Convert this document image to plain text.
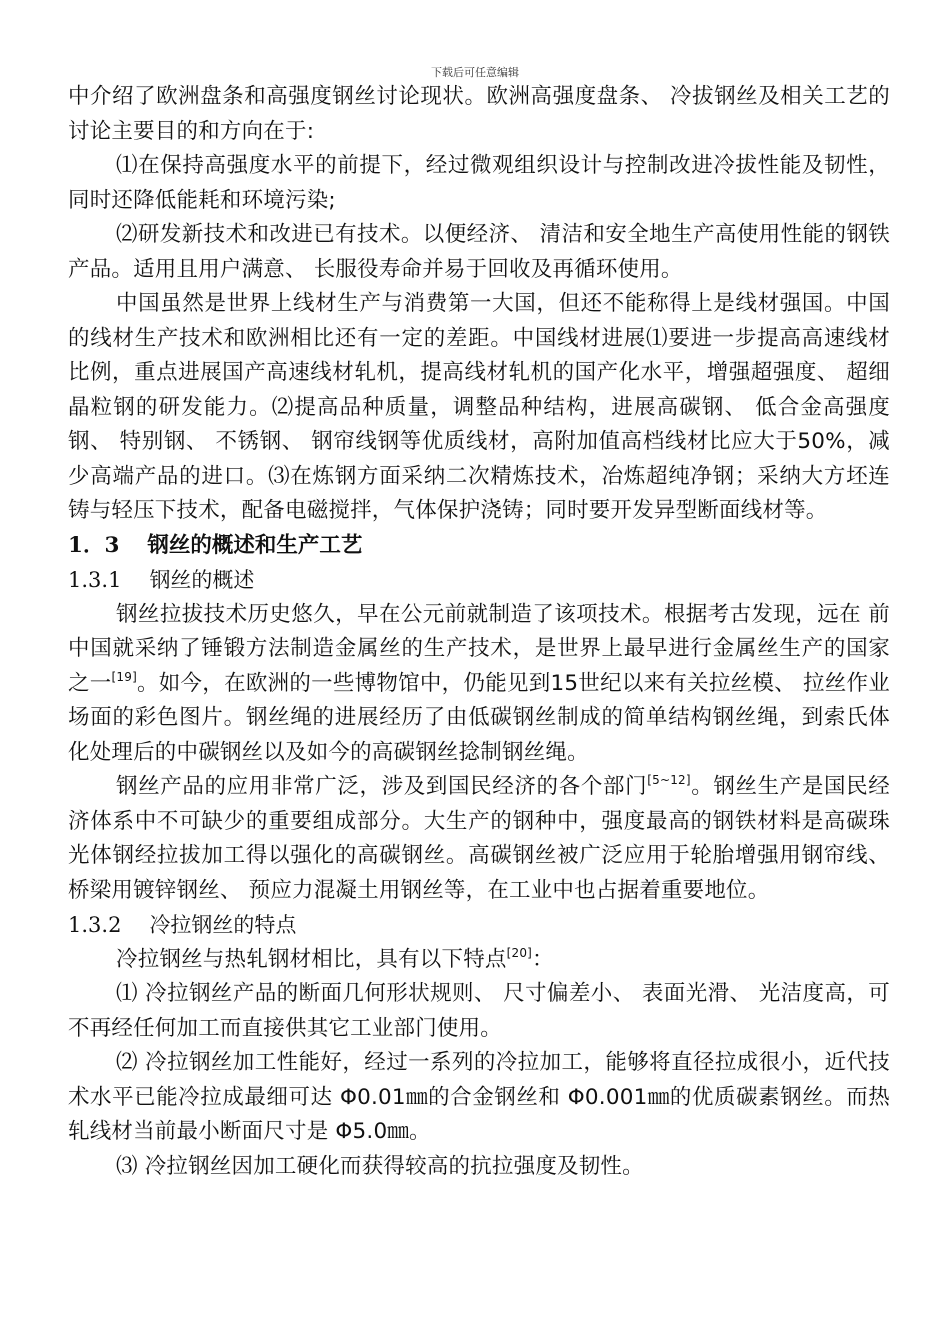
下载后可任意编辑

中介绍了欧洲盘条和高强度钢丝讨论现状。欧洲高强度盘条、 冷拔钢丝及相关工艺的讨论主要目的和方向在于:

⑴在保持高强度水平的前提下，经过微观组织设计与控制改进冷拔性能及韧性，同时还降低能耗和环境污染;

⑵研发新技术和改进已有技术。以便经济、 清洁和安全地生产高使用性能的钢铁产品。适用且用户满意、 长服役寿命并易于回收及再循环使用。

中国虽然是世界上线材生产与消费第一大国，但还不能称得上是线材强国。中国的线材生产技术和欧洲相比还有一定的差距。中国线材进展⑴要进一步提高高速线材比例，重点进展国产高速线材轧机，提高线材轧机的国产化水平，增强超强度、 超细晶粒钢的研发能力。⑵提高品种质量，调整品种结构，进展高碳钢、 低合金高强度钢、 特别钢、 不锈钢、 钢帘线钢等优质线材，高附加值高档线材比应大于50%，减少高端产品的进口。⑶在炼钢方面采纳二次精炼技术，冶炼超纯净钢；采纳大方坯连铸与轻压下技术，配备电磁搅拌，气体保护浇铸；同时要开发异型断面线材等。

1．3 钢丝的概述和生产工艺
1.3.1 钢丝的概述

钢丝拉拔技术历史悠久，早在公元前就制造了该项技术。根据考古发现，远在 前中国就采纳了锤锻方法制造金属丝的生产技术，是世界上最早进行金属丝生产的国家之一[19]。如今，在欧洲的一些博物馆中，仍能见到15世纪以来有关拉丝模、 拉丝作业场面的彩色图片。钢丝绳的进展经历了由低碳钢丝制成的简单结构钢丝绳，到索氏体化处理后的中碳钢丝以及如今的高碳钢丝捻制钢丝绳。

钢丝产品的应用非常广泛，涉及到国民经济的各个部门[5~12]。钢丝生产是国民经济体系中不可缺少的重要组成部分。大生产的钢种中，强度最高的钢铁材料是高碳珠光体钢经拉拔加工得以强化的高碳钢丝。高碳钢丝被广泛应用于轮胎增强用钢帘线、 桥梁用镀锌钢丝、 预应力混凝土用钢丝等，在工业中也占据着重要地位。

1.3.2 冷拉钢丝的特点

冷拉钢丝与热轧钢材相比，具有以下特点[20]：

⑴ 冷拉钢丝产品的断面几何形状规则、 尺寸偏差小、 表面光滑、 光洁度高，可不再经任何加工而直接供其它工业部门使用。

⑵ 冷拉钢丝加工性能好，经过一系列的冷拉加工，能够将直径拉成很小，近代技术水平已能冷拉成最细可达 Φ0.01㎜的合金钢丝和 Φ0.001㎜的优质碳素钢丝。而热轧线材当前最小断面尺寸是 Φ5.0㎜。

⑶ 冷拉钢丝因加工硬化而获得较高的抗拉强度及韧性。
